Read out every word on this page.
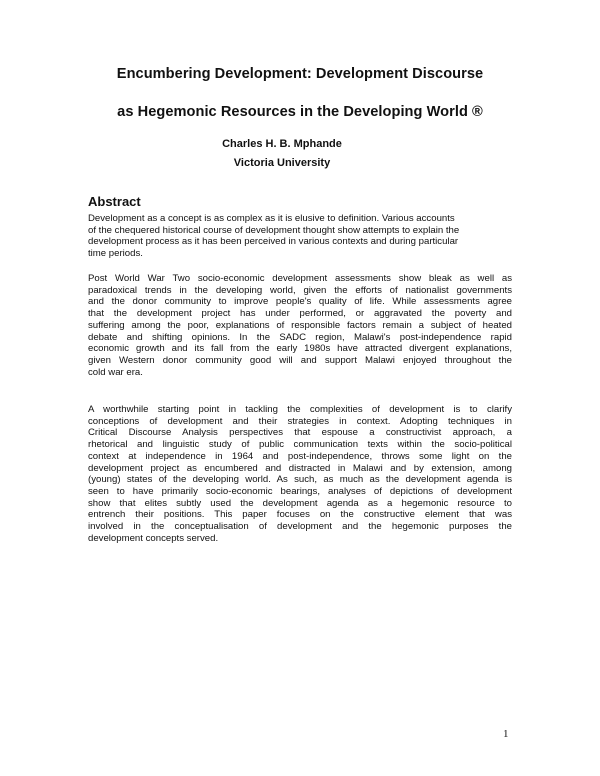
Encumbering Development: Development Discourse
as Hegemonic Resources in the Developing World ®
Charles H. B. Mphande
Victoria University
Abstract
Development as a concept is as complex as it is elusive to definition. Various accounts
of the chequered historical course of development thought show attempts to explain the
development process as it has been perceived in various contexts and during particular
time periods.
Post World War Two socio-economic development assessments show bleak as well as
paradoxical trends in the developing world, given the efforts of nationalist governments
and the donor community to improve people's quality of life. While assessments agree
that the development project has under performed, or aggravated the poverty and
suffering among the poor, explanations of responsible factors remain a subject of heated
debate and shifting opinions. In the SADC region, Malawi's post-independence rapid
economic growth and its fall from the early 1980s have attracted divergent explanations,
given Western donor community good will and support Malawi enjoyed throughout the
cold war era.
A worthwhile starting point in tackling the complexities of development is to clarify
conceptions of development and their strategies in context. Adopting techniques in
Critical Discourse Analysis perspectives that espouse a constructivist approach, a
rhetorical and linguistic study of public communication texts within the socio-political
context at independence in 1964 and post-independence, throws some light on the
development project as encumbered and distracted in Malawi and by extension, among
(young) states of the developing world. As such, as much as the development agenda is
seen to have primarily socio-economic bearings, analyses of depictions of development
show that elites subtly used the development agenda as a hegemonic resource to
entrench their positions. This paper focuses on the constructive element that was
involved in the conceptualisation of development and the hegemonic purposes the
development concepts served.
1
